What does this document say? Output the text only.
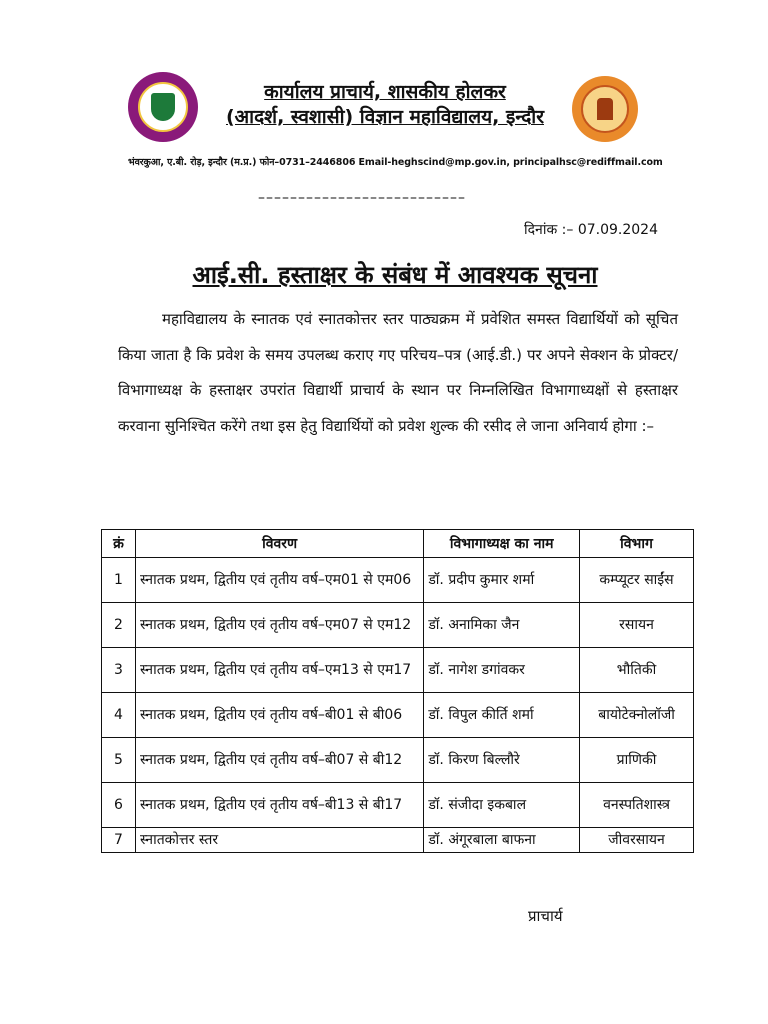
कार्यालय प्राचार्य, शासकीय होलकर
(आदर्श, स्वशासी) विज्ञान महाविद्यालय, इन्दौर
भंवरकुआ, ए.बी. रोड़, इन्दौर (म.प्र.) फोन–0731–2446806 Email-heghscind@mp.gov.in, principalhsc@rediffmail.com
––––––––––––––––––––––––––
दिनांक :– 07.09.2024
आई.सी. हस्ताक्षर के संबंध में आवश्यक सूचना
महाविद्यालय के स्नातक एवं स्नातकोत्तर स्तर पाठ्यक्रम में प्रवेशित समस्त विद्यार्थियों को सूचित किया जाता है कि प्रवेश के समय उपलब्ध कराए गए परिचय–पत्र (आई.डी.) पर अपने सेक्शन के प्रोक्टर/विभागाध्यक्ष के हस्ताक्षर उपरांत विद्यार्थी प्राचार्य के स्थान पर निम्नलिखित विभागाध्यक्षों से हस्ताक्षर करवाना सुनिश्चित करेंगे तथा इस हेतु विद्यार्थियों को प्रवेश शुल्क की रसीद ले जाना अनिवार्य होगा :–
क्रं	विवरण	विभागाध्यक्ष का नाम	विभाग
1	स्नातक प्रथम, द्वितीय एवं तृतीय वर्ष–एम01 से एम06	डॉ. प्रदीप कुमार शर्मा	कम्प्यूटर साईंस
2	स्नातक प्रथम, द्वितीय एवं तृतीय वर्ष–एम07 से एम12	डॉ. अनामिका जैन	रसायन
3	स्नातक प्रथम, द्वितीय एवं तृतीय वर्ष–एम13 से एम17	डॉ. नागेश डगांवकर	भौतिकी
4	स्नातक प्रथम, द्वितीय एवं तृतीय वर्ष–बी01 से बी06	डॉ. विपुल कीर्ति शर्मा	बायोटेक्नोलॉजी
5	स्नातक प्रथम, द्वितीय एवं तृतीय वर्ष–बी07 से बी12	डॉ. किरण बिल्लौरे	प्राणिकी
6	स्नातक प्रथम, द्वितीय एवं तृतीय वर्ष–बी13 से बी17	डॉ. संजीदा इकबाल	वनस्पतिशास्त्र
7	स्नातकोत्तर स्तर	डॉ. अंगूरबाला बाफना	जीवरसायन
प्राचार्य
